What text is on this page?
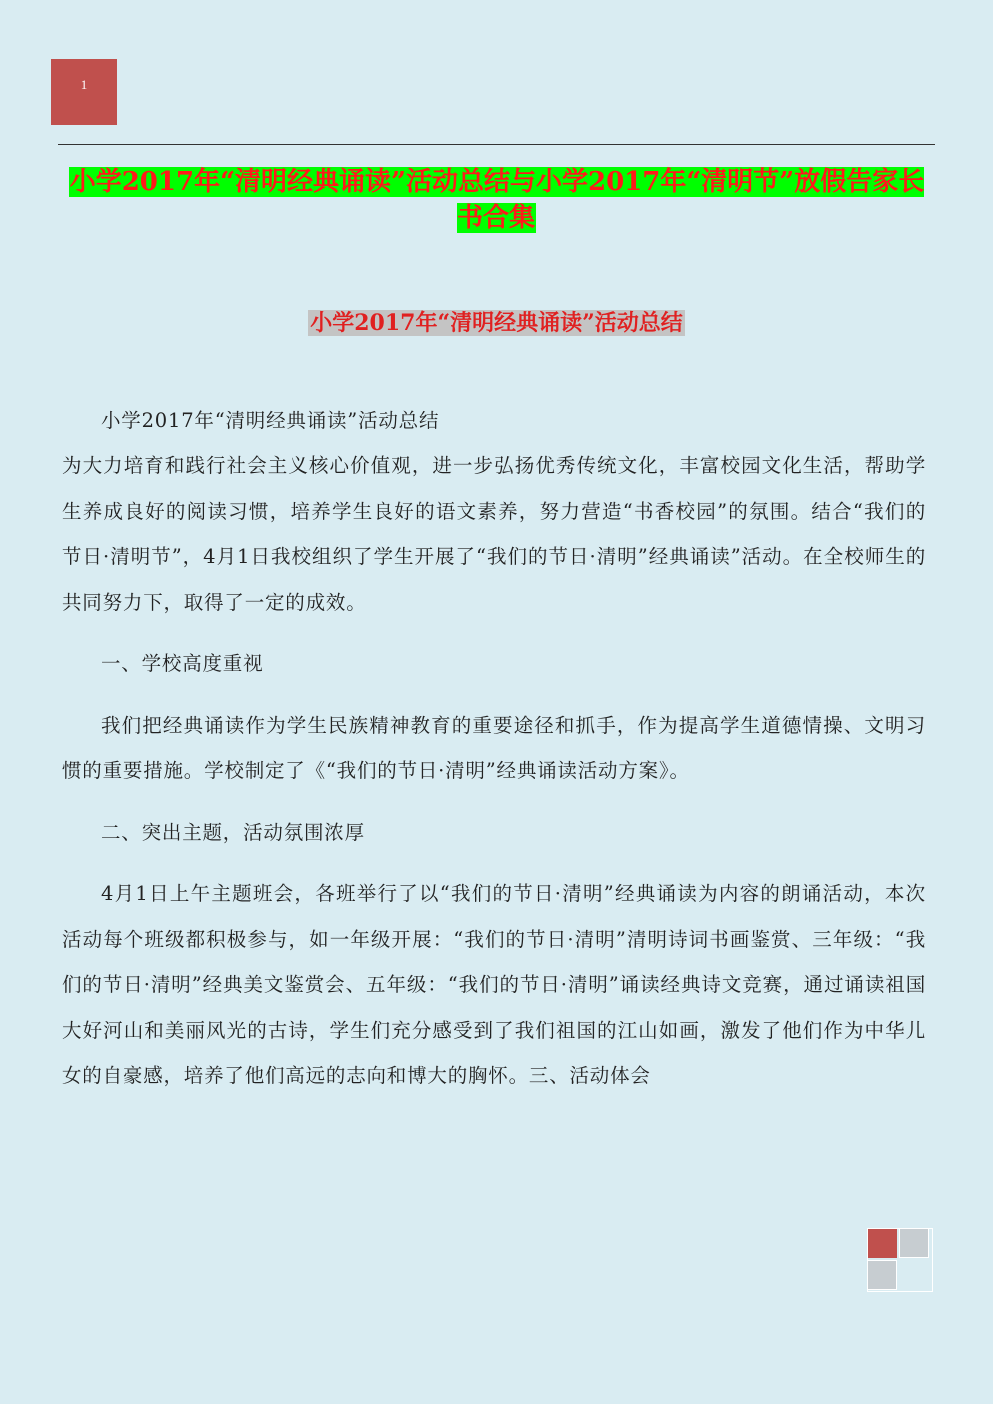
1
小学2017年“清明经典诵读”活动总结与小学2017年“清明节”放假告家长书合集
小学2017年“清明经典诵读”活动总结

小学2017年“清明经典诵读”活动总结

为大力培育和践行社会主义核心价值观，进一步弘扬优秀传统文化，丰富校园文化生活，帮助学生养成良好的阅读习惯，培养学生良好的语文素养，努力营造“书香校园”的氛围。结合“我们的节日·清明节”，4月1日我校组织了学生开展了“我们的节日·清明”经典诵读”活动。在全校师生的共同努力下，取得了一定的成效。

一、学校高度重视

我们把经典诵读作为学生民族精神教育的重要途径和抓手，作为提高学生道德情操、文明习惯的重要措施。学校制定了《“我们的节日·清明”经典诵读活动方案》。

二、突出主题，活动氛围浓厚

4月1日上午主题班会，各班举行了以“我们的节日·清明”经典诵读为内容的朗诵活动，本次活动每个班级都积极参与，如一年级开展：“我们的节日·清明”清明诗词书画鉴赏、三年级：“我们的节日·清明”经典美文鉴赏会、五年级：“我们的节日·清明”诵读经典诗文竞赛，通过诵读祖国大好河山和美丽风光的古诗，学生们充分感受到了我们祖国的江山如画，激发了他们作为中华儿女的自豪感，培养了他们高远的志向和博大的胸怀。三、活动体会
